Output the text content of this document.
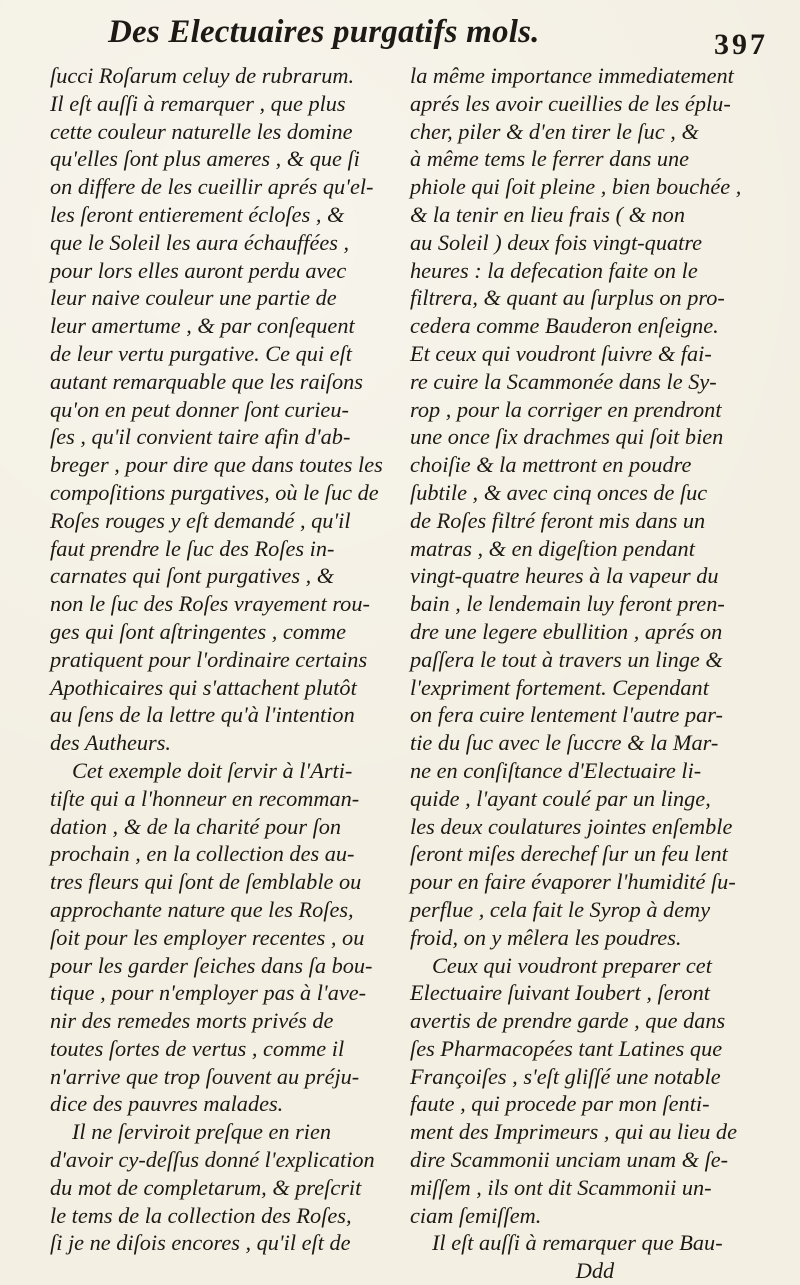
Des Electuaires purgatifs mols.	397
ſucci Roſarum celuy de rubrarum.
Il eſt auſſi à remarquer , que plus
cette couleur naturelle les domine
qu'elles ſont plus ameres , & que ſi
on differe de les cueillir aprés qu'el-
les ſeront entierement écloſes , &
que le Soleil les aura échauffées ,
pour lors elles auront perdu avec
leur naive couleur une partie de
leur amertume , & par conſequent
de leur vertu purgative. Ce qui eſt
autant remarquable que les raiſons
qu'on en peut donner ſont curieu-
ſes , qu'il convient taire afin d'ab-
breger , pour dire que dans toutes les
compoſitions purgatives, où le ſuc de
Roſes rouges y eſt demandé , qu'il
faut prendre le ſuc des Roſes in-
carnates qui ſont purgatives , &
non le ſuc des Roſes vrayement rou-
ges qui ſont aſtringentes , comme
pratiquent pour l'ordinaire certains
Apothicaires qui s'attachent plutôt
au ſens de la lettre qu'à l'intention
des Autheurs.
Cet exemple doit ſervir à l'Arti-
tiſte qui a l'honneur en recomman-
dation , & de la charité pour ſon
prochain , en la collection des au-
tres fleurs qui ſont de ſemblable ou
approchante nature que les Roſes,
ſoit pour les employer recentes , ou
pour les garder ſeiches dans ſa bou-
tique , pour n'employer pas à l'ave-
nir des remedes morts privés de
toutes ſortes de vertus , comme il
n'arrive que trop ſouvent au préju-
dice des pauvres malades.
Il ne ſerviroit preſque en rien
d'avoir cy-deſſus donné l'explication
du mot de completarum, & preſcrit
le tems de la collection des Roſes,
ſi je ne diſois encores , qu'il eſt de
la même importance immediatement
aprés les avoir cueillies de les éplu-
cher, piler & d'en tirer le ſuc , &
à même tems le ferrer dans une
phiole qui ſoit pleine , bien bouchée ,
& la tenir en lieu frais ( & non
au Soleil ) deux fois vingt-quatre
heures : la defecation faite on le
filtrera, & quant au ſurplus on pro-
cedera comme Bauderon enſeigne.
Et ceux qui voudront ſuivre & fai-
re cuire la Scammonée dans le Sy-
rop , pour la corriger en prendront
une once ſix drachmes qui ſoit bien
choiſie & la mettront en poudre
ſubtile , & avec cinq onces de ſuc
de Roſes filtré feront mis dans un
matras , & en digeſtion pendant
vingt-quatre heures à la vapeur du
bain , le lendemain luy feront pren-
dre une legere ebullition , aprés on
paſſera le tout à travers un linge &
l'expriment fortement. Cependant
on fera cuire lentement l'autre par-
tie du ſuc avec le ſuccre & la Mar-
ne en conſiſtance d'Electuaire li-
quide , l'ayant coulé par un linge,
les deux coulatures jointes enſemble
ſeront miſes derechef ſur un feu lent
pour en faire évaporer l'humidité ſu-
perflue , cela fait le Syrop à demy
froid, on y mêlera les poudres.
Ceux qui voudront preparer cet
Electuaire ſuivant Ioubert , ſeront
avertis de prendre garde , que dans
ſes Pharmacopées tant Latines que
Françoiſes , s'eſt gliſſé une notable
faute , qui procede par mon ſenti-
ment des Imprimeurs , qui au lieu de
dire Scammonii unciam unam & ſe-
miſſem , ils ont dit Scammonii un-
ciam ſemiſſem.
Il eſt auſſi à remarquer que Bau-
Ddd
